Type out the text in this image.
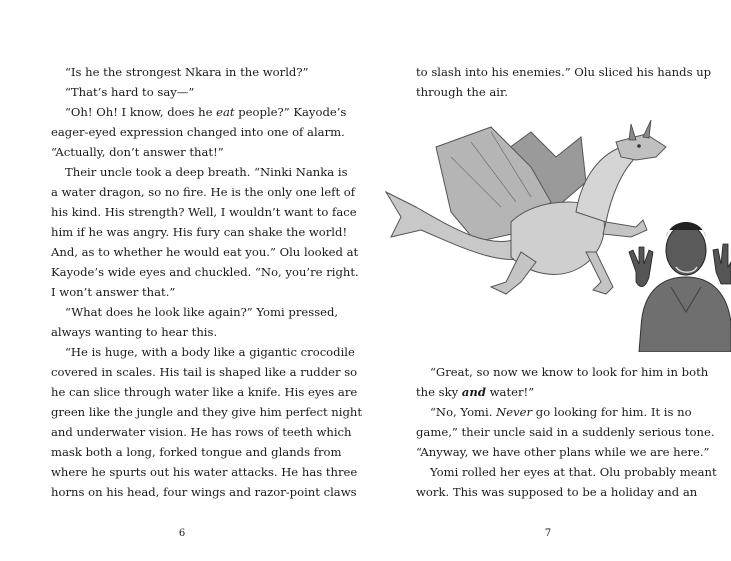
“Is he the strongest Nkara in the world?”
“That’s hard to say—”
“Oh! Oh! I know, does he eat people?” Kayode’s
eager-eyed expression changed into one of alarm.
“Actually, don’t answer that!”
Their uncle took a deep breath. “Ninki Nanka is
a water dragon, so no fire. He is the only one left of
his kind. His strength? Well, I wouldn’t want to face
him if he was angry. His fury can shake the world!
And, as to whether he would eat you.” Olu looked at
Kayode’s wide eyes and chuckled. “No, you’re right.
I won’t answer that.”
“What does he look like again?” Yomi pressed,
always wanting to hear this.
“He is huge, with a body like a gigantic crocodile
covered in scales. His tail is shaped like a rudder so
he can slice through water like a knife. His eyes are
green like the jungle and they give him perfect night
and underwater vision. He has rows of teeth which
mask both a long, forked tongue and glands from
where he spurts out his water attacks. He has three
horns on his head, four wings and razor-point claws
6
to slash into his enemies.” Olu sliced his hands up
through the air.
“Great, so now we know to look for him in both
the sky and water!”
“No, Yomi. Never go looking for him. It is no
game,” their uncle said in a suddenly serious tone.
“Anyway, we have other plans while we are here.”
Yomi rolled her eyes at that. Olu probably meant
work. This was supposed to be a holiday and an
7
